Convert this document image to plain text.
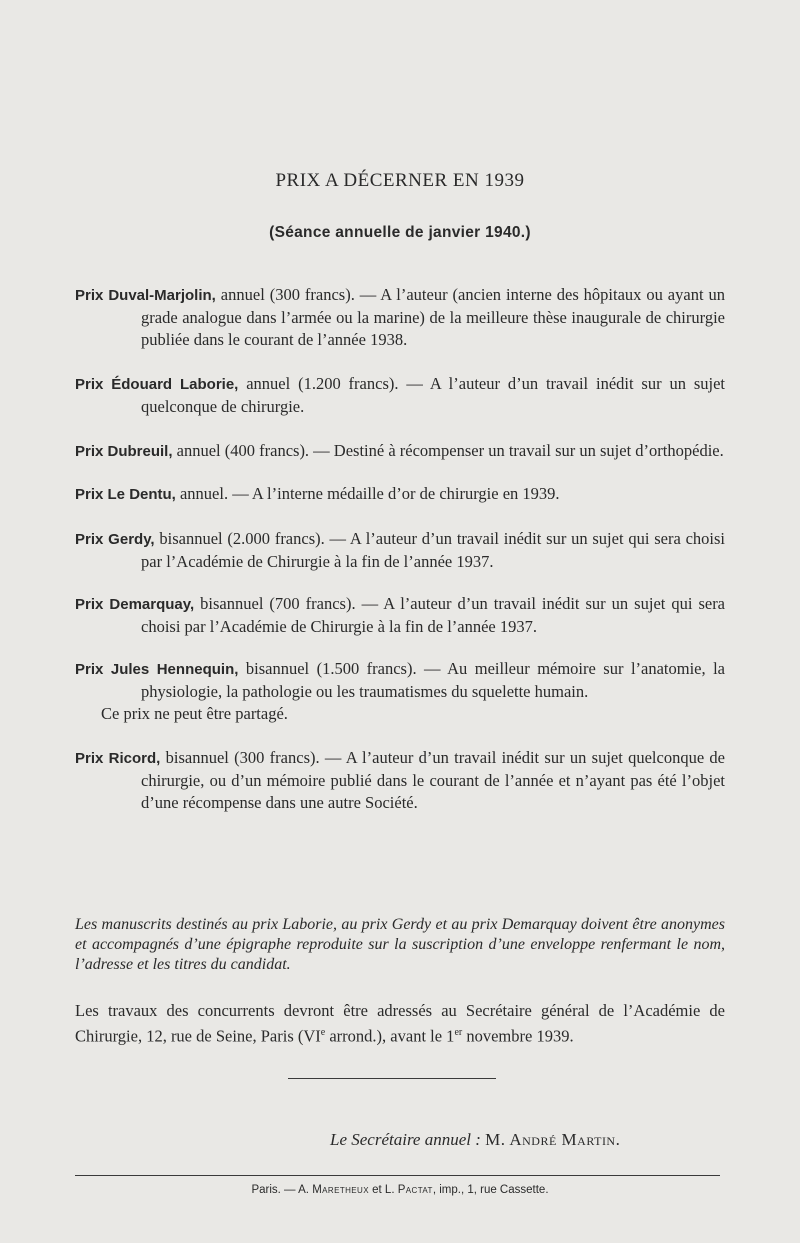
PRIX A DÉCERNER EN 1939
(Séance annuelle de janvier 1940.)

Prix Duval-Marjolin, annuel (300 francs). — A l’auteur (ancien interne des hôpitaux ou ayant un grade analogue dans l’armée ou la marine) de la meilleure thèse inaugurale de chirurgie publiée dans le courant de l’année 1938.

Prix Édouard Laborie, annuel (1.200 francs). — A l’auteur d’un travail inédit sur un sujet quelconque de chirurgie.

Prix Dubreuil, annuel (400 francs). — Destiné à récompenser un travail sur un sujet d’orthopédie.

Prix Le Dentu, annuel. — A l’interne médaille d’or de chirurgie en 1939.

Prix Gerdy, bisannuel (2.000 francs). — A l’auteur d’un travail inédit sur un sujet qui sera choisi par l’Académie de Chirurgie à la fin de l’année 1937.

Prix Demarquay, bisannuel (700 francs). — A l’auteur d’un travail inédit sur un sujet qui sera choisi par l’Académie de Chirurgie à la fin de l’année 1937.

Prix Jules Hennequin, bisannuel (1.500 francs). — Au meilleur mémoire sur l’anatomie, la physiologie, la pathologie ou les traumatismes du squelette humain.

Ce prix ne peut être partagé.

Prix Ricord, bisannuel (300 francs). — A l’auteur d’un travail inédit sur un sujet quelconque de chirurgie, ou d’un mémoire publié dans le courant de l’année et n’ayant pas été l’objet d’une récompense dans une autre Société.

Les manuscrits destinés au prix Laborie, au prix Gerdy et au prix Demarquay doivent être anonymes et accompagnés d’une épigraphe reproduite sur la suscription d’une enveloppe renfermant le nom, l’adresse et les titres du candidat.
Les travaux des concurrents devront être adressés au Secrétaire général de l’Académie de Chirurgie, 12, rue de Seine, Paris (VIe arrond.), avant le 1er novembre 1939.
Le Secrétaire annuel : M. André Martin.
Paris. — A. Maretheux et L. Pactat, imp., 1, rue Cassette.
